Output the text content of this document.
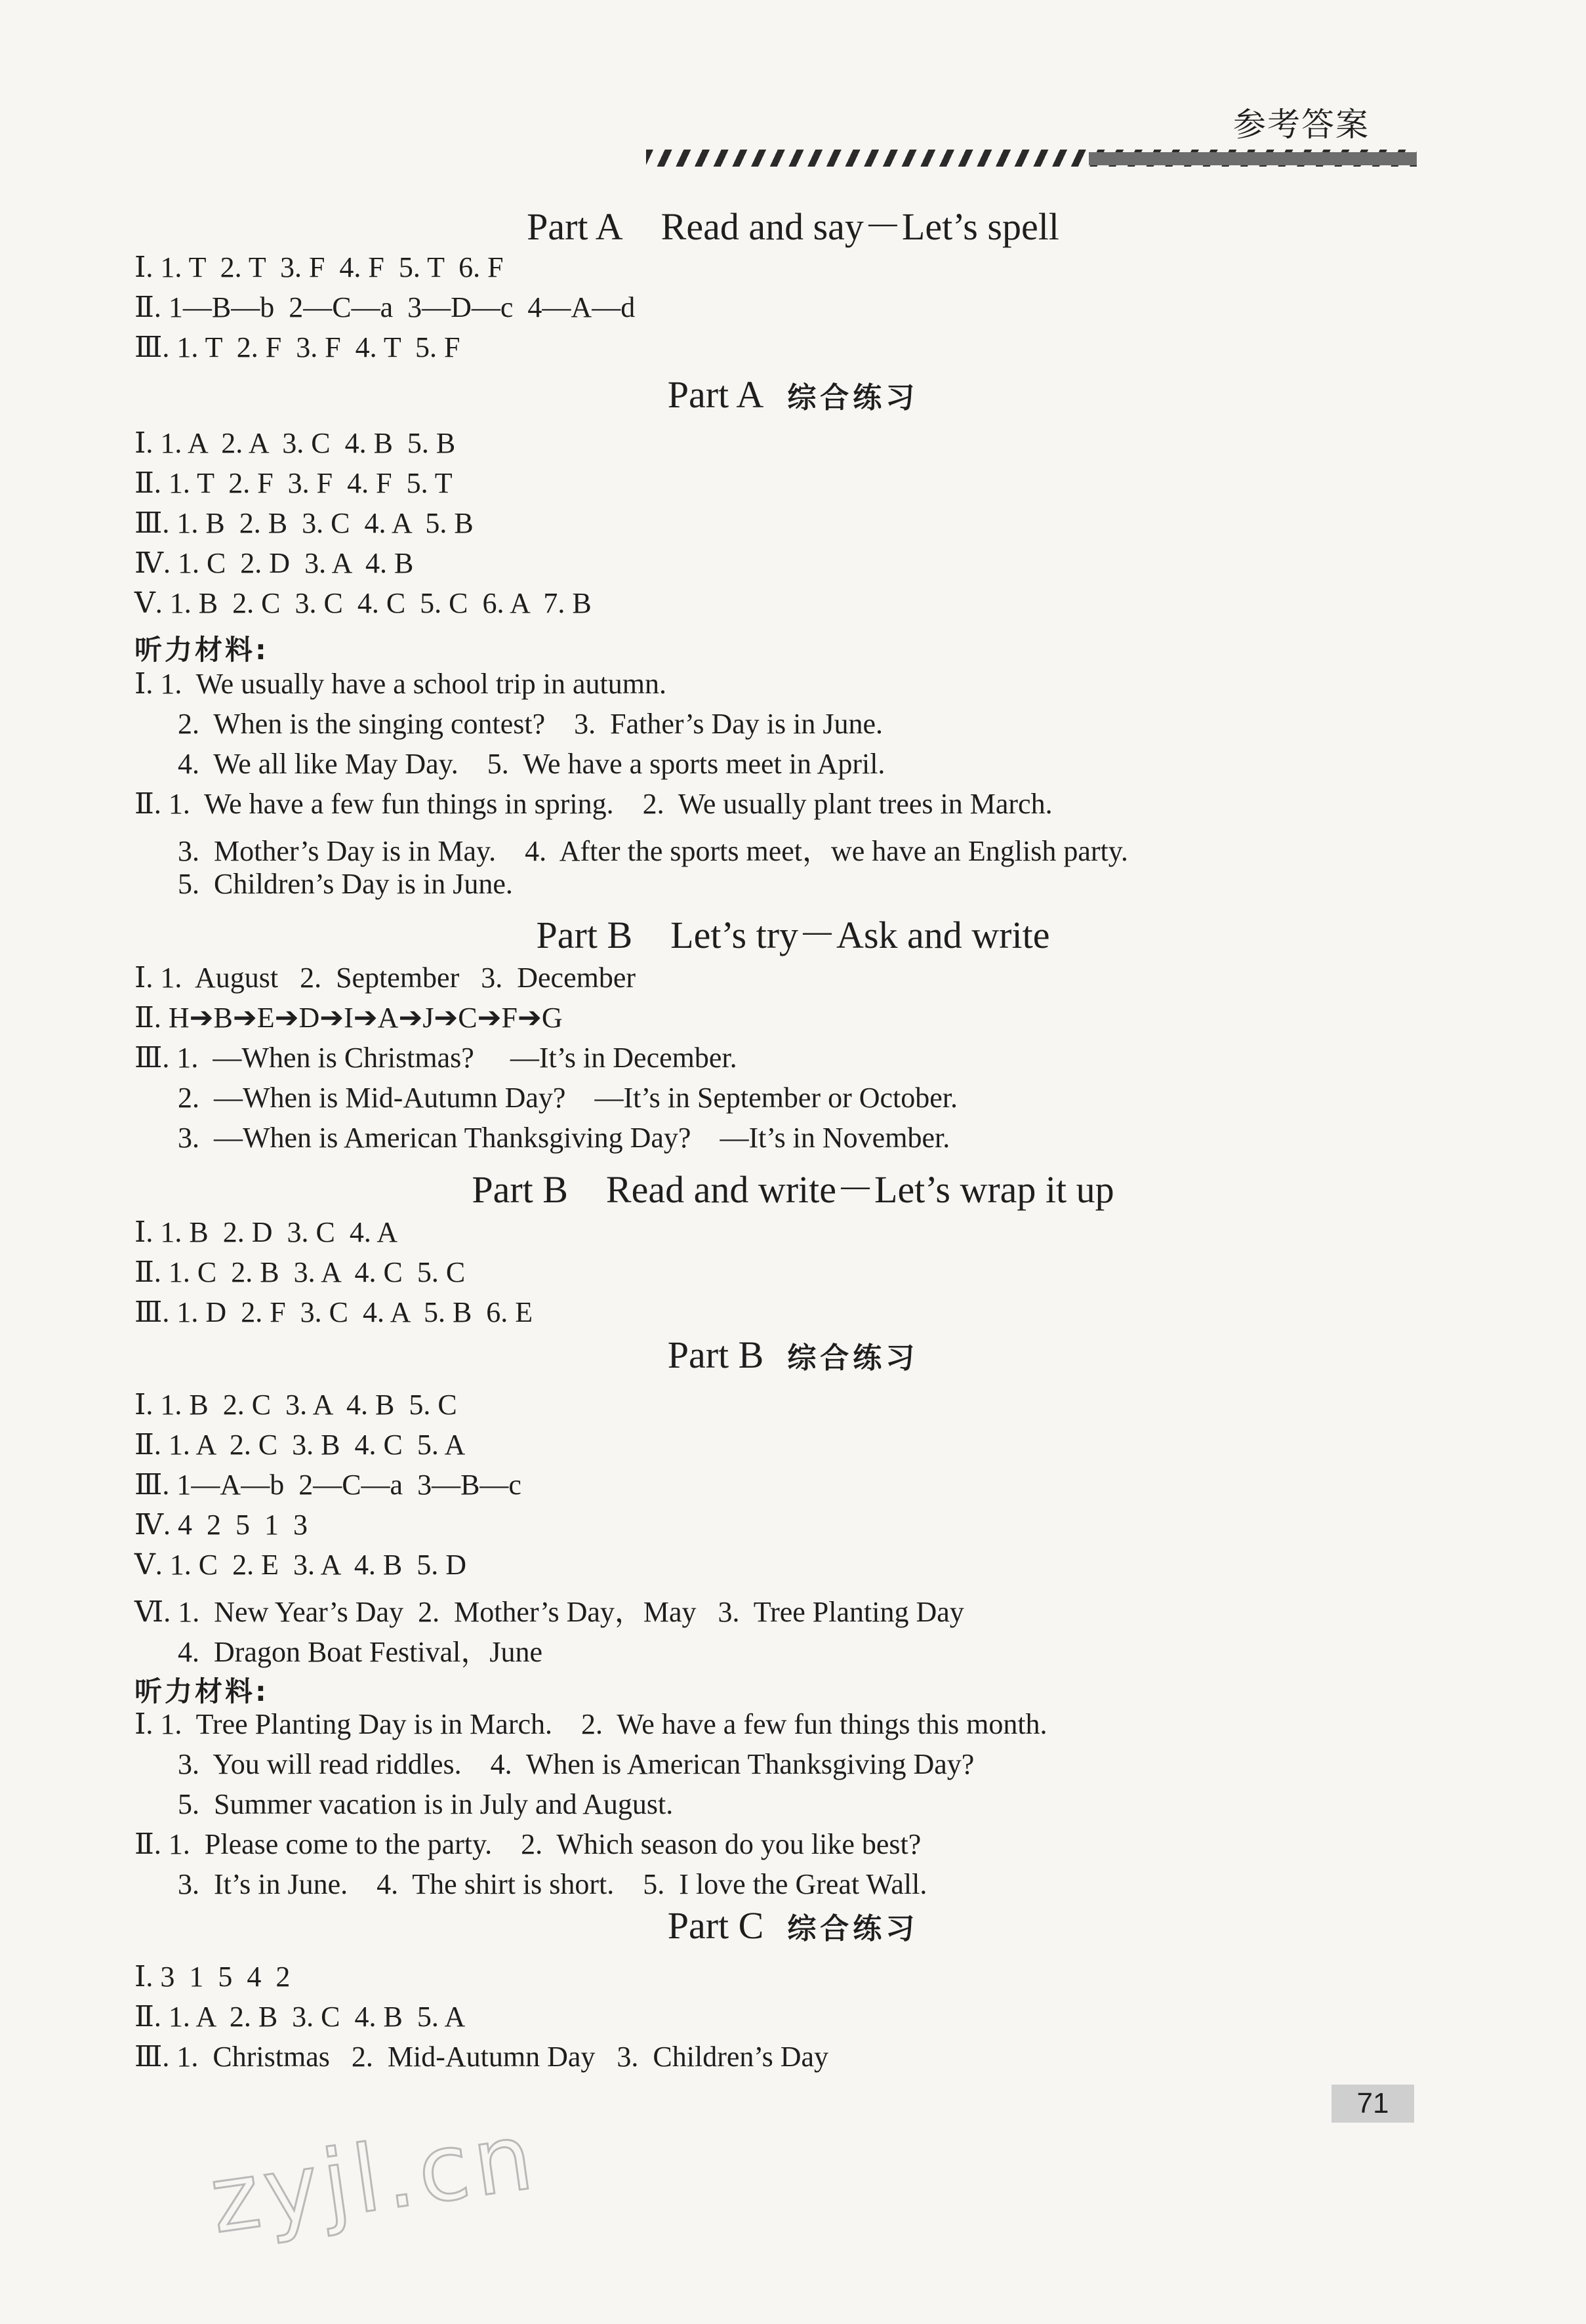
参考答案
Part A Read and say－Let’s spell
Ⅰ. 1. T  2. T  3. F  4. F  5. T  6. F
Ⅱ. 1—B—b  2—C—a  3—D—c  4—A—d
Ⅲ. 1. T  2. F  3. F  4. T  5. F
Part A 综合练习
Ⅰ. 1. A  2. A  3. C  4. B  5. B
Ⅱ. 1. T  2. F  3. F  4. F  5. T
Ⅲ. 1. B  2. B  3. C  4. A  5. B
Ⅳ. 1. C  2. D  3. A  4. B
Ⅴ. 1. B  2. C  3. C  4. C  5. C  6. A  7. B
听力材料:
Ⅰ. 1.  We usually have a school trip in autumn.
2.  When is the singing contest?    3.  Father’s Day is in June.
4.  We all like May Day.    5.  We have a sports meet in April.
Ⅱ. 1.  We have a few fun things in spring.    2.  We usually plant trees in March.
3.  Mother’s Day is in May.    4.  After the sports meet，we have an English party.
5.  Children’s Day is in June.
Part B Let’s try－Ask and write
Ⅰ. 1.  August   2.  September   3.  December
Ⅱ. H➔B➔E➔D➔I➔A➔J➔C➔F➔G
Ⅲ. 1.  —When is Christmas?     —It’s in December.
2.  —When is Mid-Autumn Day?    —It’s in September or October.
3.  —When is American Thanksgiving Day?    —It’s in November.
Part B Read and write－Let’s wrap it up
Ⅰ. 1. B  2. D  3. C  4. A
Ⅱ. 1. C  2. B  3. A  4. C  5. C
Ⅲ. 1. D  2. F  3. C  4. A  5. B  6. E
Part B 综合练习
Ⅰ. 1. B  2. C  3. A  4. B  5. C
Ⅱ. 1. A  2. C  3. B  4. C  5. A
Ⅲ. 1—A—b  2—C—a  3—B—c
Ⅳ. 4  2  5  1  3
Ⅴ. 1. C  2. E  3. A  4. B  5. D
Ⅵ. 1.  New Year’s Day  2.  Mother’s Day，May   3.  Tree Planting Day
4.  Dragon Boat Festival，June
听力材料:
Ⅰ. 1.  Tree Planting Day is in March.    2.  We have a few fun things this month.
3.  You will read riddles.    4.  When is American Thanksgiving Day?
5.  Summer vacation is in July and August.
Ⅱ. 1.  Please come to the party.    2.  Which season do you like best?
3.  It’s in June.    4.  The shirt is short.    5.  I love the Great Wall.
Part C 综合练习
Ⅰ. 3  1  5  4  2
Ⅱ. 1. A  2. B  3. C  4. B  5. A
Ⅲ. 1.  Christmas   2.  Mid-Autumn Day   3.  Children’s Day
71
zyjl.cn
